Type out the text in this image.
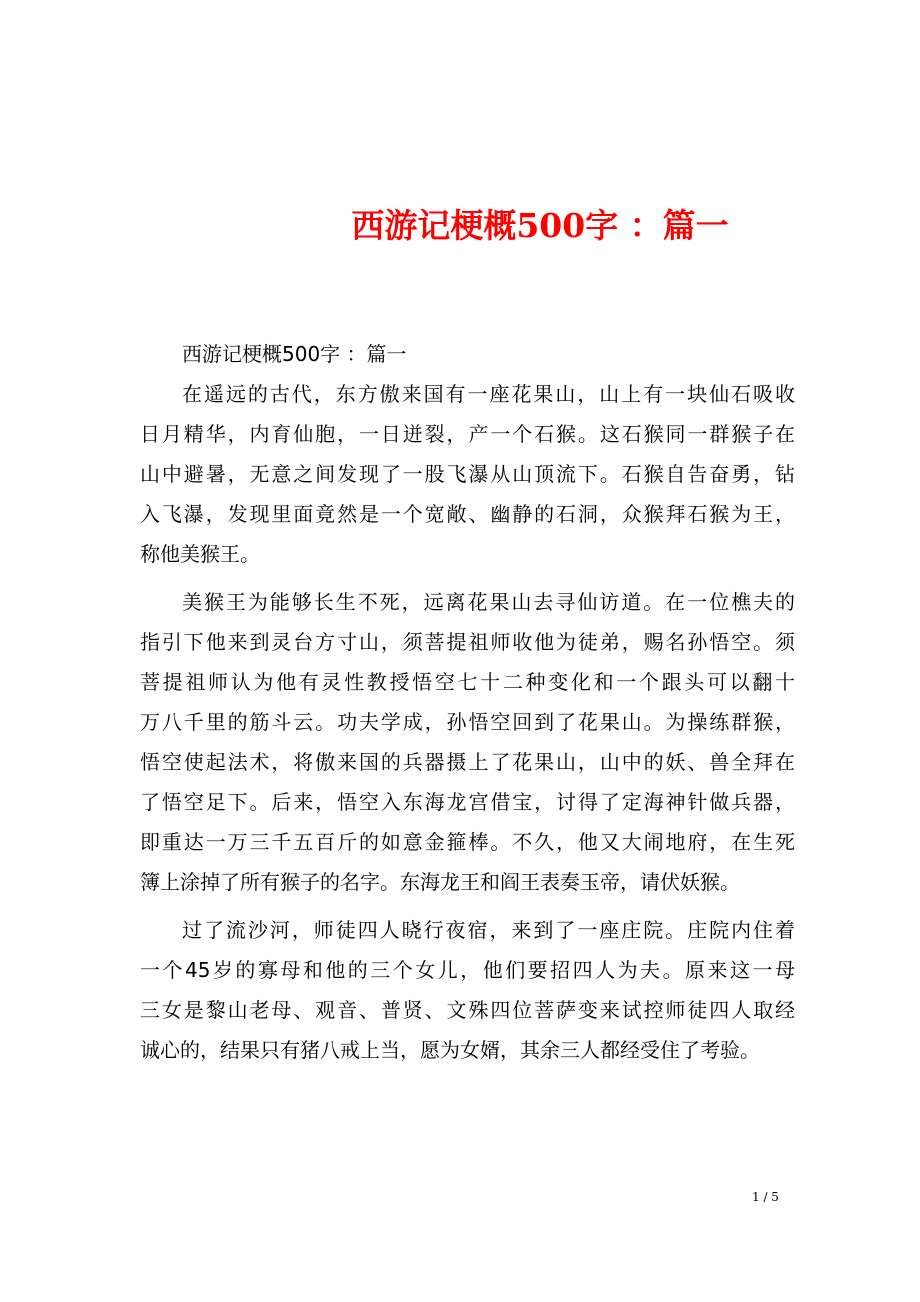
西游记梗概500字 ：篇一

西游记梗概500字 ：篇一

在遥远的古代，东方傲来国有一座花果山，山上有一块仙石吸收
日月精华，内育仙胞，一日迸裂，产一个石猴。这石猴同一群猴子在
山中避暑，无意之间发现了一股飞瀑从山顶流下。石猴自告奋勇，钻
入飞瀑，发现里面竟然是一个宽敞、幽静的石洞，众猴拜石猴为王，
称他美猴王。
美猴王为能够长生不死，远离花果山去寻仙访道。在一位樵夫的
指引下他来到灵台方寸山，须菩提祖师收他为徒弟，赐名孙悟空。须
菩提祖师认为他有灵性教授悟空七十二种变化和一个跟头可以翻十
万八千里的筋斗云。功夫学成，孙悟空回到了花果山。为操练群猴，
悟空使起法术，将傲来国的兵器摄上了花果山，山中的妖、兽全拜在
了悟空足下。后来，悟空入东海龙宫借宝，讨得了定海神针做兵器，
即重达一万三千五百斤的如意金箍棒。不久，他又大闹地府，在生死
簿上涂掉了所有猴子的名字。东海龙王和阎王表奏玉帝，请伏妖猴。
过了流沙河，师徒四人晓行夜宿，来到了一座庄院。庄院内住着
一个45岁的寡母和他的三个女儿，他们要招四人为夫。原来这一母
三女是黎山老母、观音、普贤、文殊四位菩萨变来试控师徒四人取经
诚心的，结果只有猪八戒上当，愿为女婿，其余三人都经受住了考验。
1 / 5
